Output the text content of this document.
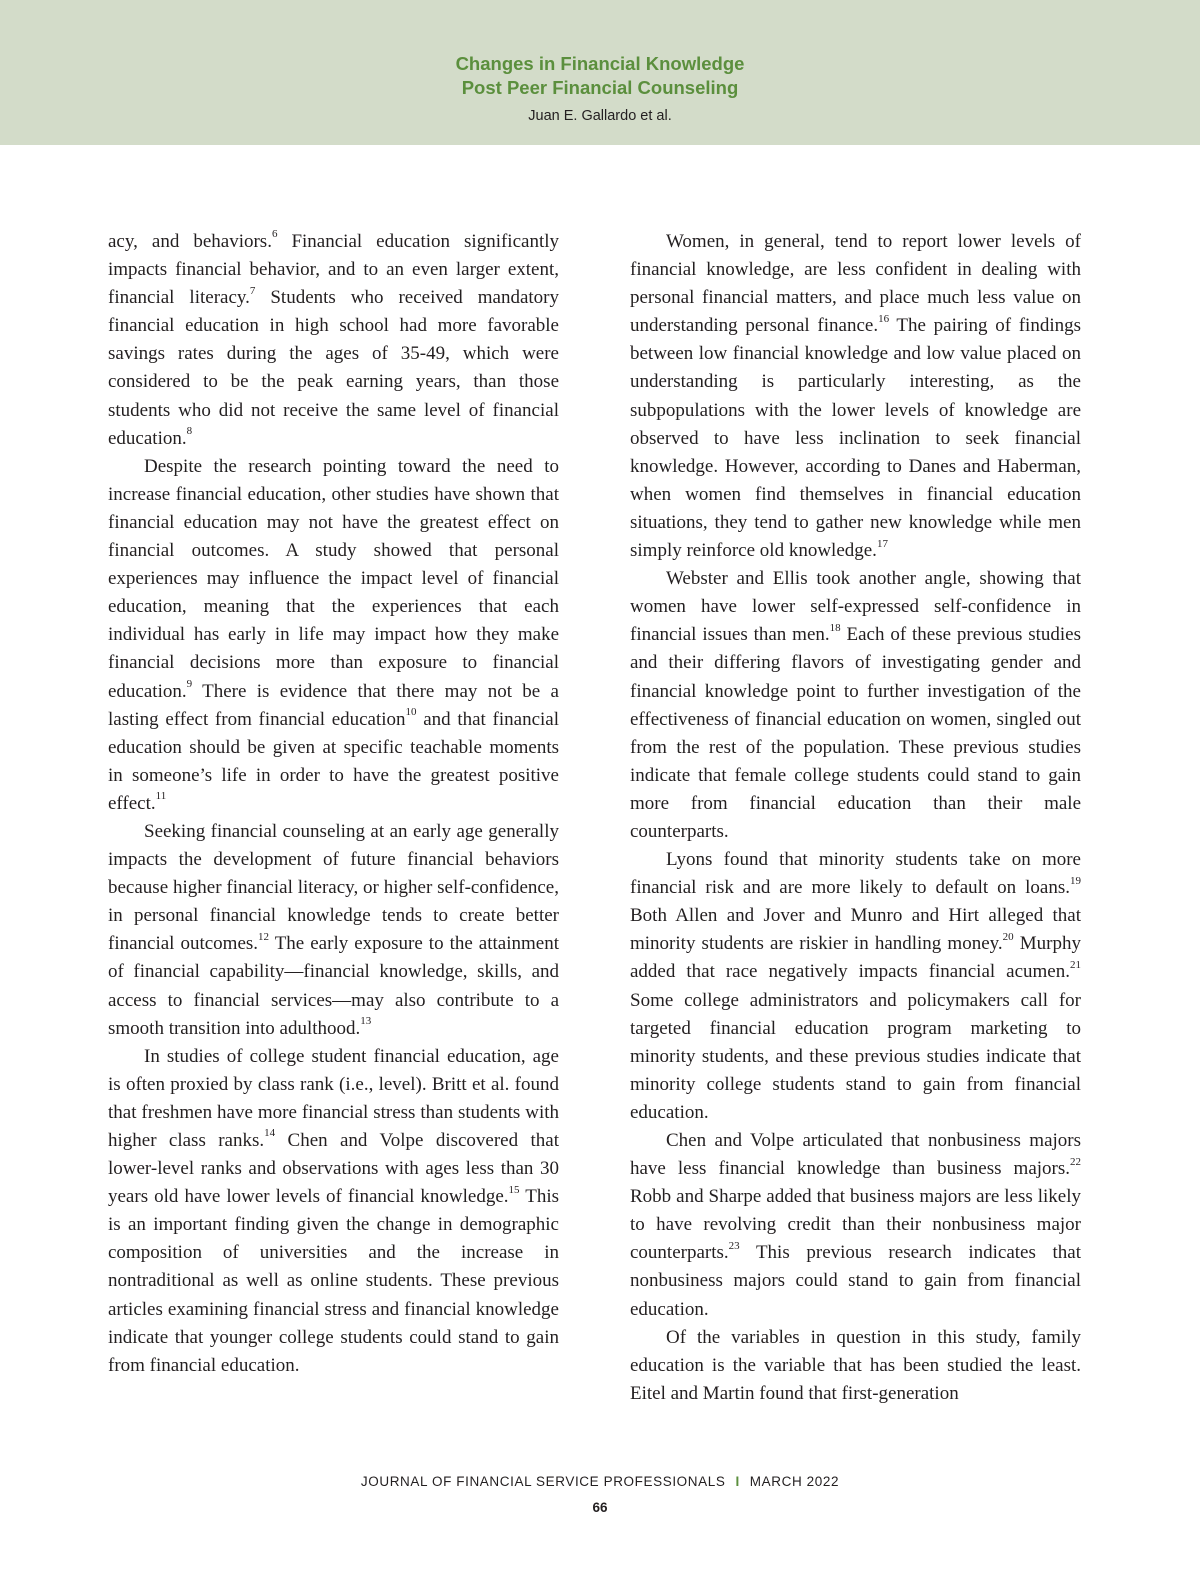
Changes in Financial Knowledge
Post Peer Financial Counseling
Juan E. Gallardo et al.

acy, and behaviors.$^6$ Financial education significantly impacts financial behavior, and to an even larger extent, financial literacy.$^7$ Students who received mandatory financial education in high school had more favorable savings rates during the ages of 35-49, which were considered to be the peak earning years, than those students who did not receive the same level of financial education.$^8$

Despite the research pointing toward the need to increase financial education, other studies have shown that financial education may not have the greatest effect on financial outcomes. A study showed that personal experiences may influence the impact level of financial education, meaning that the experiences that each individual has early in life may impact how they make financial decisions more than exposure to financial education.$^9$ There is evidence that there may not be a lasting effect from financial education$^{10}$ and that financial education should be given at specific teachable moments in someone’s life in order to have the greatest positive effect.$^{11}$

Seeking financial counseling at an early age generally impacts the development of future financial behaviors because higher financial literacy, or higher self-confidence, in personal financial knowledge tends to create better financial outcomes.$^{12}$ The early exposure to the attainment of financial capability—financial knowledge, skills, and access to financial services—may also contribute to a smooth transition into adulthood.$^{13}$

In studies of college student financial education, age is often proxied by class rank (i.e., level). Britt et al. found that freshmen have more financial stress than students with higher class ranks.$^{14}$ Chen and Volpe discovered that lower-level ranks and observations with ages less than 30 years old have lower levels of financial knowledge.$^{15}$ This is an important finding given the change in demographic composition of universities and the increase in nontraditional as well as online students. These previous articles examining financial stress and financial knowledge indicate that younger college students could stand to gain from financial education.

Women, in general, tend to report lower levels of financial knowledge, are less confident in dealing with personal financial matters, and place much less value on understanding personal finance.$^{16}$ The pairing of findings between low financial knowledge and low value placed on understanding is particularly interesting, as the subpopulations with the lower levels of knowledge are observed to have less inclination to seek financial knowledge. However, according to Danes and Haberman, when women find themselves in financial education situations, they tend to gather new knowledge while men simply reinforce old knowledge.$^{17}$

Webster and Ellis took another angle, showing that women have lower self-expressed self-confidence in financial issues than men.$^{18}$ Each of these previous studies and their differing flavors of investigating gender and financial knowledge point to further investigation of the effectiveness of financial education on women, singled out from the rest of the population. These previous studies indicate that female college students could stand to gain more from financial education than their male counterparts.

Lyons found that minority students take on more financial risk and are more likely to default on loans.$^{19}$ Both Allen and Jover and Munro and Hirt alleged that minority students are riskier in handling money.$^{20}$ Murphy added that race negatively impacts financial acumen.$^{21}$ Some college administrators and policymakers call for targeted financial education program marketing to minority students, and these previous studies indicate that minority college students stand to gain from financial education.

Chen and Volpe articulated that nonbusiness majors have less financial knowledge than business majors.$^{22}$ Robb and Sharpe added that business majors are less likely to have revolving credit than their nonbusiness major counterparts.$^{23}$ This previous research indicates that nonbusiness majors could stand to gain from financial education.

Of the variables in question in this study, family education is the variable that has been studied the least. Eitel and Martin found that first-generation

JOURNAL OF FINANCIAL SERVICE PROFESSIONALS I MARCH 2022
66
